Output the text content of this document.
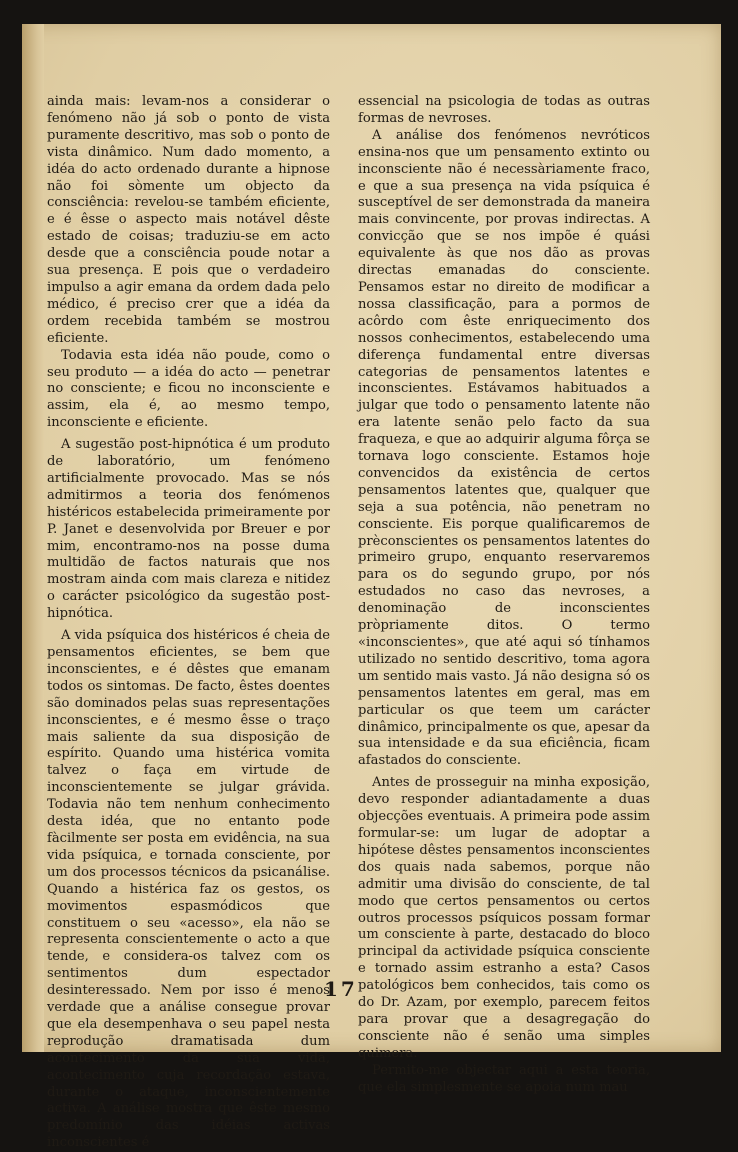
ainda mais: levam-nos a considerar o fenómeno não já sob o ponto de vista puramente descritivo, mas sob o ponto de vista dinâmico. Num dado momento, a idéa do acto ordenado durante a hipnose não foi sòmente um objecto da consciência: revelou-se também eficiente, e é êsse o aspecto mais notável dêste estado de coisas; traduziu-se em acto desde que a consciência poude notar a sua presença. E pois que o verdadeiro impulso a agir emana da ordem dada pelo médico, é preciso crer que a idéa da ordem recebida também se mostrou eficiente.

Todavia esta idéa não poude, como o seu produto — a idéa do acto — penetrar no consciente; e ficou no inconsciente e assim, ela é, ao mesmo tempo, inconsciente e eficiente.

A sugestão post-hipnótica é um produto de laboratório, um fenómeno artificialmente provocado. Mas se nós admitirmos a teoria dos fenómenos histéricos estabelecida primeiramente por P. Janet e desenvolvida por Breuer e por mim, encontramo-nos na posse duma multidão de factos naturais que nos mostram ainda com mais clareza e nitidez o carácter psicológico da sugestão post-hipnótica.

A vida psíquica dos histéricos é cheia de pensamentos eficientes, se bem que inconscientes, e é dêstes que emanam todos os sintomas. De facto, êstes doentes são dominados pelas suas representações inconscientes, e é mesmo êsse o traço mais saliente da sua disposição de espírito. Quando uma histérica vomita talvez o faça em virtude de inconscientemente se julgar grávida. Todavia não tem nenhum conhecimento desta idéa, que no entanto pode fàcilmente ser posta em evidência, na sua vida psíquica, e tornada consciente, por um dos processos técnicos da psicanálise. Quando a histérica faz os gestos, os movimentos espasmódicos que constituem o seu «acesso», ela não se representa conscientemente o acto a que tende, e considera-os talvez com os sentimentos dum espectador desinteressado. Nem por isso é menos verdade que a análise consegue provar que ela desempenhava o seu papel nesta reprodução dramatisada dum acontecimento da sua vida, acontecimento cuja recordação estava, durante o ataque, inconscientemente activa. A análise mostra que êste mesmo predomínio das idéias activas inconscientes é

essencial na psicologia de todas as outras formas de nevroses.

A análise dos fenómenos nevróticos ensina-nos que um pensamento extinto ou inconsciente não é necessàriamente fraco, e que a sua presença na vida psíquica é susceptível de ser demonstrada da maneira mais convincente, por provas indirectas. A convicção que se nos impõe é quási equivalente às que nos dão as provas directas emanadas do consciente. Pensamos estar no direito de modificar a nossa classificação, para a pormos de acôrdo com êste enriquecimento dos nossos conhecimentos, estabelecendo uma diferença fundamental entre diversas categorias de pensamentos latentes e inconscientes. Estávamos habituados a julgar que todo o pensamento latente não era latente senão pelo facto da sua fraqueza, e que ao adquirir alguma fôrça se tornava logo consciente. Estamos hoje convencidos da existência de certos pensamentos latentes que, qualquer que seja a sua potência, não penetram no consciente. Eis porque qualificaremos de prèconscientes os pensamentos latentes do primeiro grupo, enquanto reservaremos para os do segundo grupo, por nós estudados no caso das nevroses, a denominação de inconscientes pròpriamente ditos. O termo «inconscientes», que até aqui só tínhamos utilizado no sentido descritivo, toma agora um sentido mais vasto. Já não designa só os pensamentos latentes em geral, mas em particular os que teem um carácter dinâmico, principalmente os que, apesar da sua intensidade e da sua eficiência, ficam afastados do consciente.

Antes de prosseguir na minha exposição, devo responder adiantadamente a duas objecções eventuais. A primeira pode assim formular-se: um lugar de adoptar a hipótese dêstes pensamentos inconscientes dos quais nada sabemos, porque não admitir uma divisão do consciente, de tal modo que certos pensamentos ou certos outros processos psíquicos possam formar um consciente à parte, destacado do bloco principal da actividade psíquica consciente e tornado assim estranho a esta? Casos patológicos bem conhecidos, tais como os do Dr. Azam, por exemplo, parecem feitos para provar que a desagregação do consciente não é senão uma simples quimera.

Permito-me objectar aqui a esta teoria, que ela simplesmente se apoia num mau

17
